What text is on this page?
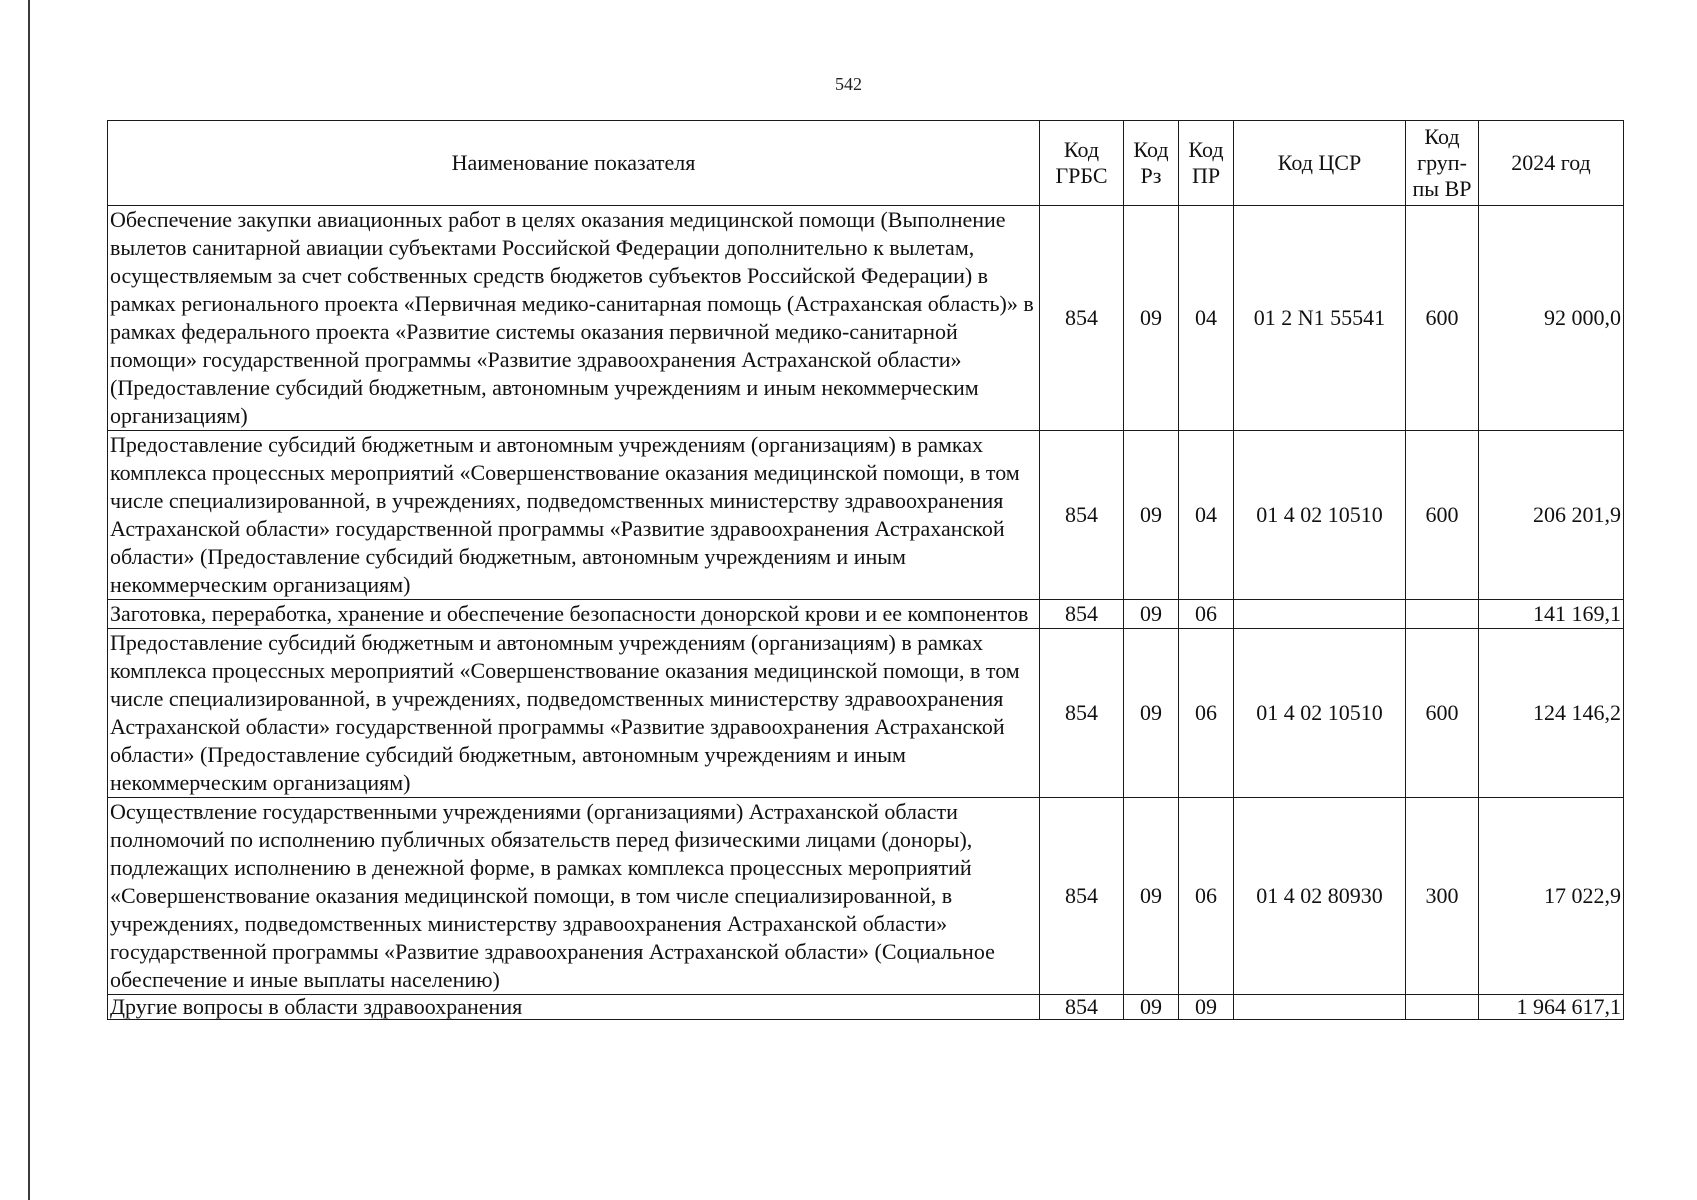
542
Наименование показателя	Код ГРБС	Код Рз	Код ПР	Код ЦСР	Код груп-пы ВР	2024 год
Обеспечение закупки авиационных работ в целях оказания медицинской помощи (Выполнение вылетов санитарной авиации субъектами Российской Федерации дополнительно к вылетам, осуществляемым за счет собственных средств бюджетов субъектов Российской Федерации) в рамках регионального проекта «Первичная медико-санитарная помощь (Астраханская область)» в рамках федерального проекта «Развитие системы оказания первичной медико-санитарной помощи» государственной программы «Развитие здравоохранения Астраханской области» (Предоставление субсидий бюджетным, автономным учреждениям и иным некоммерческим организациям)	854	09	04	01 2 N1 55541	600	92 000,0
Предоставление субсидий бюджетным и автономным учреждениям (организациям) в рамках комплекса процессных мероприятий «Совершенствование оказания медицинской помощи, в том числе специализированной, в учреждениях, подведомственных министерству здравоохранения Астраханской области» государственной программы «Развитие здравоохранения Астраханской области» (Предоставление субсидий бюджетным, автономным учреждениям и иным некоммерческим организациям)	854	09	04	01 4 02 10510	600	206 201,9
Заготовка, переработка, хранение и обеспечение безопасности донорской крови и ее компонентов	854	09	06			141 169,1
Предоставление субсидий бюджетным и автономным учреждениям (организациям) в рамках комплекса процессных мероприятий «Совершенствование оказания медицинской помощи, в том числе специализированной, в учреждениях, подведомственных министерству здравоохранения Астраханской области» государственной программы «Развитие здравоохранения Астраханской области» (Предоставление субсидий бюджетным, автономным учреждениям и иным некоммерческим организациям)	854	09	06	01 4 02 10510	600	124 146,2
Осуществление государственными учреждениями (организациями) Астраханской области полномочий по исполнению публичных обязательств перед физическими лицами (доноры), подлежащих исполнению в денежной форме, в рамках комплекса процессных мероприятий «Совершенствование оказания медицинской помощи, в том числе специализированной, в учреждениях, подведомственных министерству здравоохранения Астраханской области» государственной программы «Развитие здравоохранения Астраханской области» (Социальное обеспечение и иные выплаты населению)	854	09	06	01 4 02 80930	300	17 022,9
Другие вопросы в области здравоохранения	854	09	09			1 964 617,1
